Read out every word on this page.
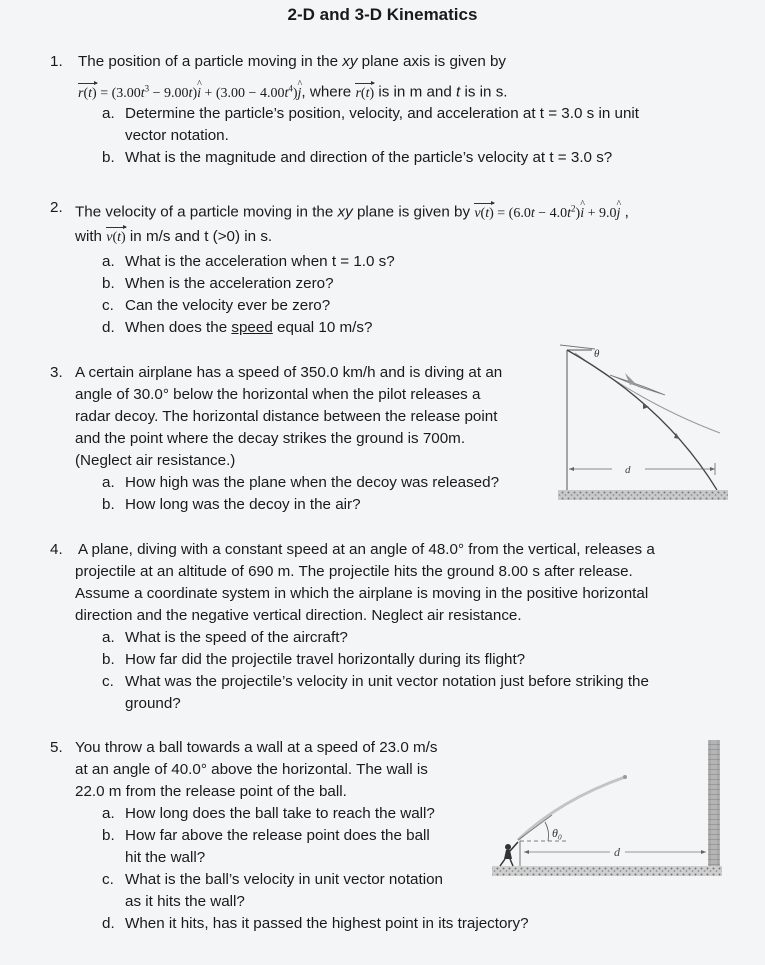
2-D and 3-D Kinematics
1. The position of a particle moving in the xy plane axis is given by
$r(t) = (3.00t^3$ − 9.00t)^ $i + (3.00 - 4.00t^4)\^{}$ j, where r(t) is in m and t is in s.
a. Determine the particle’s position, velocity, and acceleration at t = 3.0 s in unit
vector notation.
b. What is the magnitude and direction of the particle’s velocity at t = 3.0 s?
2. The velocity of a particle moving in the xy plane is given by $v(t) = (6.0t - 4.0t^2)\^{}$ i + 9.0^ j ,
with v(t) in m/s and t (>0) in s.
a. What is the acceleration when t = 1.0 s?
b. When is the acceleration zero?
c. Can the velocity ever be zero?
d. When does the speed equal 10 m/s?
3. A certain airplane has a speed of 350.0 km/h and is diving at an
angle of 30.0° below the horizontal when the pilot releases a
radar decoy. The horizontal distance between the release point
and the point where the decay strikes the ground is 700m.
(Neglect air resistance.)
a. How high was the plane when the decoy was released?
b. How long was the decoy in the air?
θ
d
4. A plane, diving with a constant speed at an angle of 48.0° from the vertical, releases a
projectile at an altitude of 690 m. The projectile hits the ground 8.00 s after release.
Assume a coordinate system in which the airplane is moving in the positive horizontal
direction and the negative vertical direction. Neglect air resistance.
a. What is the speed of the aircraft?
b. How far did the projectile travel horizontally during its flight?
c. What was the projectile’s velocity in unit vector notation just before striking the
ground?
5. You throw a ball towards a wall at a speed of 23.0 m/s
at an angle of 40.0° above the horizontal. The wall is
22.0 m from the release point of the ball.
a. How long does the ball take to reach the wall?
b. How far above the release point does the ball
hit the wall?
c. What is the ball’s velocity in unit vector notation
as it hits the wall?
d. When it hits, has it passed the highest point in its trajectory?
θ₀
d
